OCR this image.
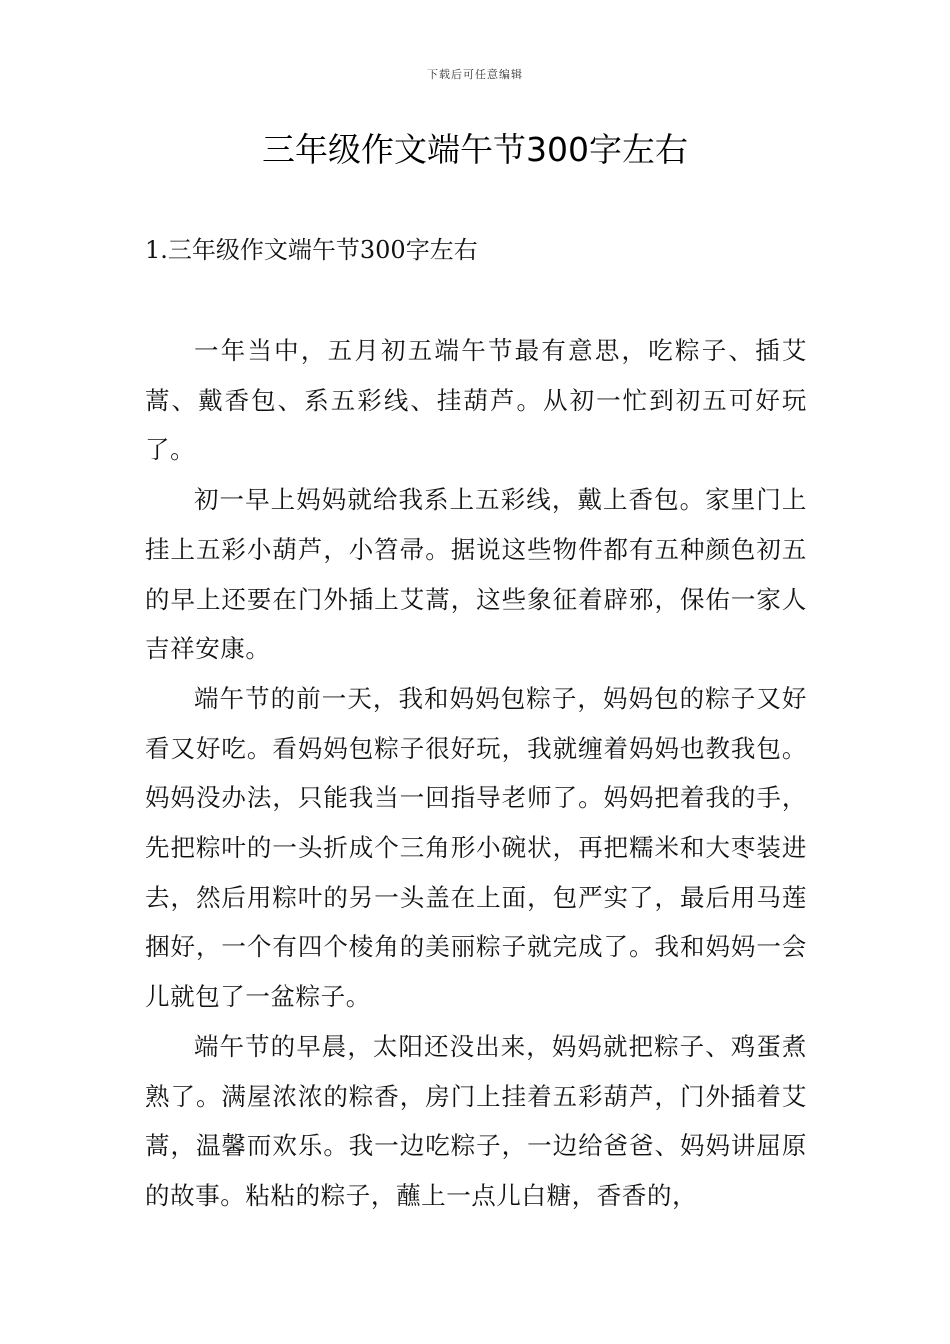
下载后可任意编辑
三年级作文端午节300字左右
1.三年级作文端午节300字左右

一年当中，五月初五端午节最有意思，吃粽子、插艾蒿、戴香包、系五彩线、挂葫芦。从初一忙到初五可好玩了。

初一早上妈妈就给我系上五彩线，戴上香包。家里门上挂上五彩小葫芦，小笤帚。据说这些物件都有五种颜色初五的早上还要在门外插上艾蒿，这些象征着辟邪，保佑一家人吉祥安康。

端午节的前一天，我和妈妈包粽子，妈妈包的粽子又好看又好吃。看妈妈包粽子很好玩，我就缠着妈妈也教我包。妈妈没办法，只能我当一回指导老师了。妈妈把着我的手，先把粽叶的一头折成个三角形小碗状，再把糯米和大枣装进去，然后用粽叶的另一头盖在上面，包严实了，最后用马莲捆好，一个有四个棱角的美丽粽子就完成了。我和妈妈一会儿就包了一盆粽子。

端午节的早晨，太阳还没出来，妈妈就把粽子、鸡蛋煮熟了。满屋浓浓的粽香，房门上挂着五彩葫芦，门外插着艾蒿，温馨而欢乐。我一边吃粽子，一边给爸爸、妈妈讲屈原的故事。粘粘的粽子，蘸上一点儿白糖，香香的，
